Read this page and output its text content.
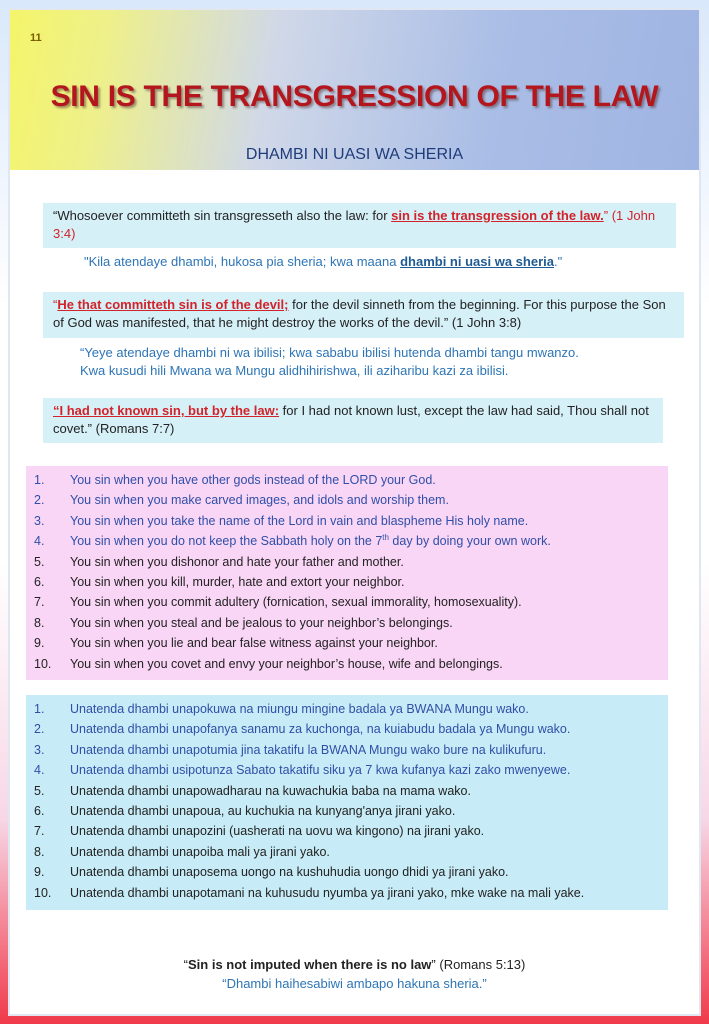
11
SIN IS THE TRANSGRESSION OF THE LAW
DHAMBI NI UASI WA SHERIA
“Whosoever committeth sin transgresseth also the law: for sin is the transgression of the law.” (1 John 3:4)
"Kila atendaye dhambi, hukosa pia sheria; kwa maana dhambi ni uasi wa sheria."
“He that committeth sin is of the devil; for the devil sinneth from the beginning. For this purpose the Son of God was manifested, that he might destroy the works of the devil.” (1 John 3:8)
“Yeye atendaye dhambi ni wa ibilisi; kwa sababu ibilisi hutenda dhambi tangu mwanzo.
Kwa kusudi hili Mwana wa Mungu alidhihirishwa, ili aziharibu kazi za ibilisi.
“I had not known sin, but by the law: for I had not known lust, except the law had said, Thou shall not covet.” (Romans 7:7)
1. You sin when you have other gods instead of the LORD your God.
2. You sin when you make carved images, and idols and worship them.
3. You sin when you take the name of the Lord in vain and blaspheme His holy name.
4. You sin when you do not keep the Sabbath holy on the 7th day by doing your own work.
5. You sin when you dishonor and hate your father and mother.
6. You sin when you kill, murder, hate and extort your neighbor.
7. You sin when you commit adultery (fornication, sexual immorality, homosexuality).
8. You sin when you steal and be jealous to your neighbor’s belongings.
9. You sin when you lie and bear false witness against your neighbor.
10. You sin when you covet and envy your neighbor’s house, wife and belongings.
1. Unatenda dhambi unapokuwa na miungu mingine badala ya BWANA Mungu wako.
2. Unatenda dhambi unapofanya sanamu za kuchonga, na kuiabudu badala ya Mungu wako.
3. Unatenda dhambi unapotumia jina takatifu la BWANA Mungu wako bure na kulikufuru.
4. Unatenda dhambi usipotunza Sabato takatifu siku ya 7 kwa kufanya kazi zako mwenyewe.
5. Unatenda dhambi unapowadharau na kuwachukia baba na mama wako.
6. Unatenda dhambi unapoua, au kuchukia na kunyang'anya jirani yako.
7. Unatenda dhambi unapozini (uasherati na uovu wa kingono) na jirani yako.
8. Unatenda dhambi unapoiba mali ya jirani yako.
9. Unatenda dhambi unaposema uongo na kushuhudia uongo dhidi ya jirani yako.
10. Unatenda dhambi unapotamani na kuhusudu nyumba ya jirani yako, mke wake na mali yake.
“Sin is not imputed when there is no law” (Romans 5:13)
“Dhambi haihesabiwi ambapo hakuna sheria.”
